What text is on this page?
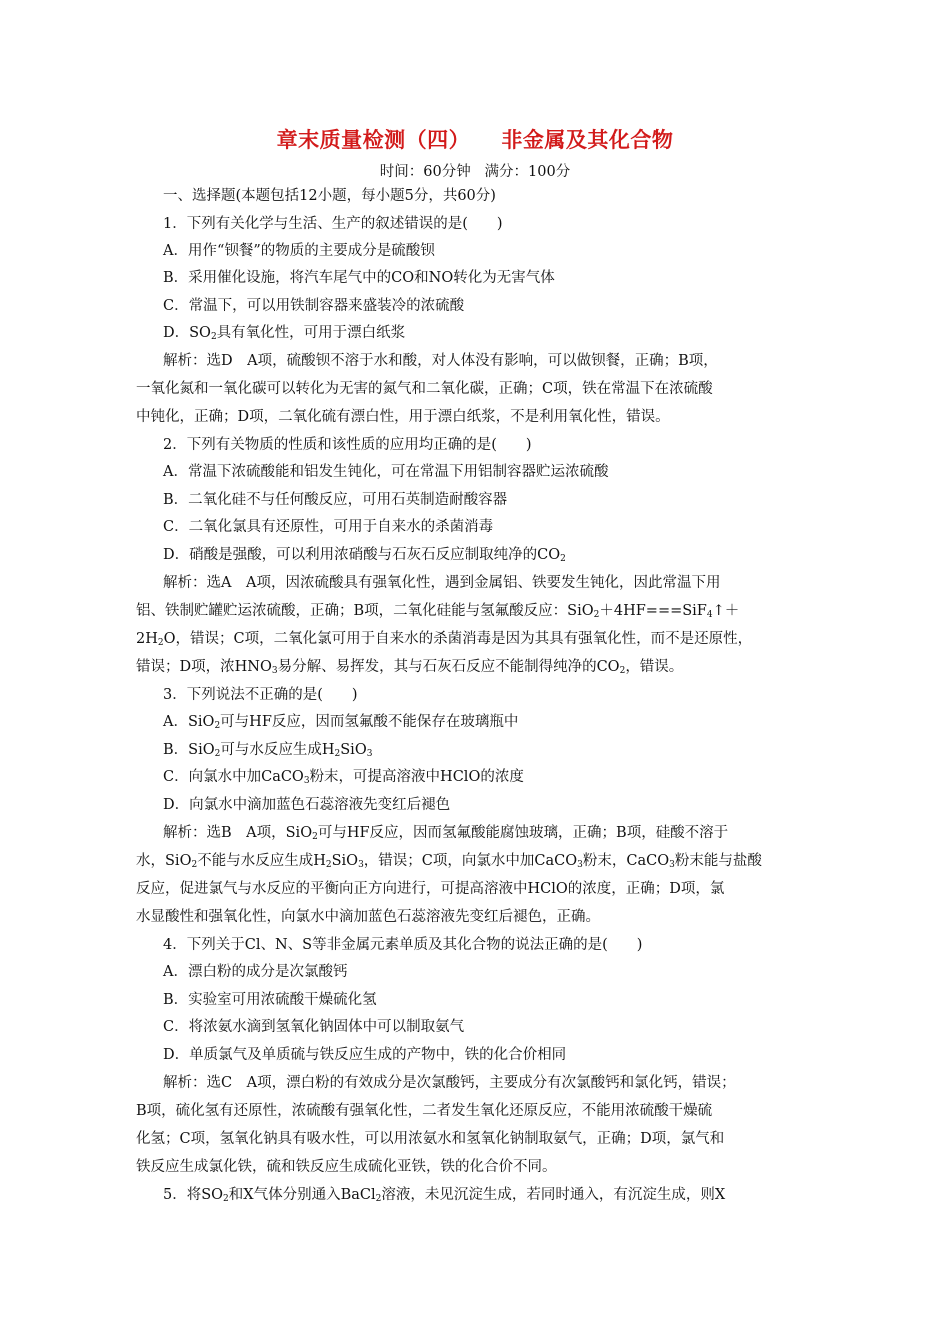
章末质量检测（四）    非金属及其化合物
时间：60分钟   满分：100分
一、选择题(本题包括12小题，每小题5分，共60分)
1．下列有关化学与生活、生产的叙述错误的是(　　)
A．用作“钡餐”的物质的主要成分是硫酸钡
B．采用催化设施，将汽车尾气中的CO和NO转化为无害气体
C．常温下，可以用铁制容器来盛装冷的浓硫酸
D．$SO_2$具有氧化性，可用于漂白纸浆
解析：选D　A项，硫酸钡不溶于水和酸，对人体没有影响，可以做钡餐，正确；B项，
一氧化氮和一氧化碳可以转化为无害的氮气和二氧化碳，正确；C项，铁在常温下在浓硫酸
中钝化，正确；D项，二氧化硫有漂白性，用于漂白纸浆，不是利用氧化性，错误。
2．下列有关物质的性质和该性质的应用均正确的是(　　)
A．常温下浓硫酸能和铝发生钝化，可在常温下用铝制容器贮运浓硫酸
B．二氧化硅不与任何酸反应，可用石英制造耐酸容器
C．二氧化氯具有还原性，可用于自来水的杀菌消毒
D．硝酸是强酸，可以利用浓硝酸与石灰石反应制取纯净的$CO_2$
解析：选A　A项，因浓硫酸具有强氧化性，遇到金属铝、铁要发生钝化，因此常温下用
铝、铁制贮罐贮运浓硫酸，正确；B项，二氧化硅能与氢氟酸反应：SiO$_2$＋4HF===SiF$_4$↑＋
$2H_2O$，错误；C项，二氧化氯可用于自来水的杀菌消毒是因为其具有强氧化性，而不是还原性，
错误；D项，浓$HNO_3$易分解、易挥发，其与石灰石反应不能制得纯净的$CO_2$，错误。
3．下列说法不正确的是(　　)
A．SiO$_2$可与HF反应，因而氢氟酸不能保存在玻璃瓶中
B．SiO$_2$可与水反应生成$H_2SiO_3$
C．向氯水中加CaCO$_3$粉末，可提高溶液中HClO的浓度
D．向氯水中滴加蓝色石蕊溶液先变红后褪色
解析：选B　A项，SiO$_2$可与HF反应，因而氢氟酸能腐蚀玻璃，正确；B项，硅酸不溶于
水，SiO$_2$不能与水反应生成$H_2SiO_3$，错误；C项，向氯水中加CaCO$_3$粉末，CaCO$_3$粉末能与盐酸
反应，促进氯气与水反应的平衡向正方向进行，可提高溶液中HClO的浓度，正确；D项，氯
水显酸性和强氧化性，向氯水中滴加蓝色石蕊溶液先变红后褪色，正确。
4．下列关于Cl、N、S等非金属元素单质及其化合物的说法正确的是(　　)
A．漂白粉的成分是次氯酸钙
B．实验室可用浓硫酸干燥硫化氢
C．将浓氨水滴到氢氧化钠固体中可以制取氨气
D．单质氯气及单质硫与铁反应生成的产物中，铁的化合价相同
解析：选C　A项，漂白粉的有效成分是次氯酸钙，主要成分有次氯酸钙和氯化钙，错误；
B项，硫化氢有还原性，浓硫酸有强氧化性，二者发生氧化还原反应，不能用浓硫酸干燥硫
化氢；C项，氢氧化钠具有吸水性，可以用浓氨水和氢氧化钠制取氨气，正确；D项，氯气和
铁反应生成氯化铁，硫和铁反应生成硫化亚铁，铁的化合价不同。
5．将$SO_2$和X气体分别通入BaCl$_2$溶液，未见沉淀生成，若同时通入，有沉淀生成，则X
